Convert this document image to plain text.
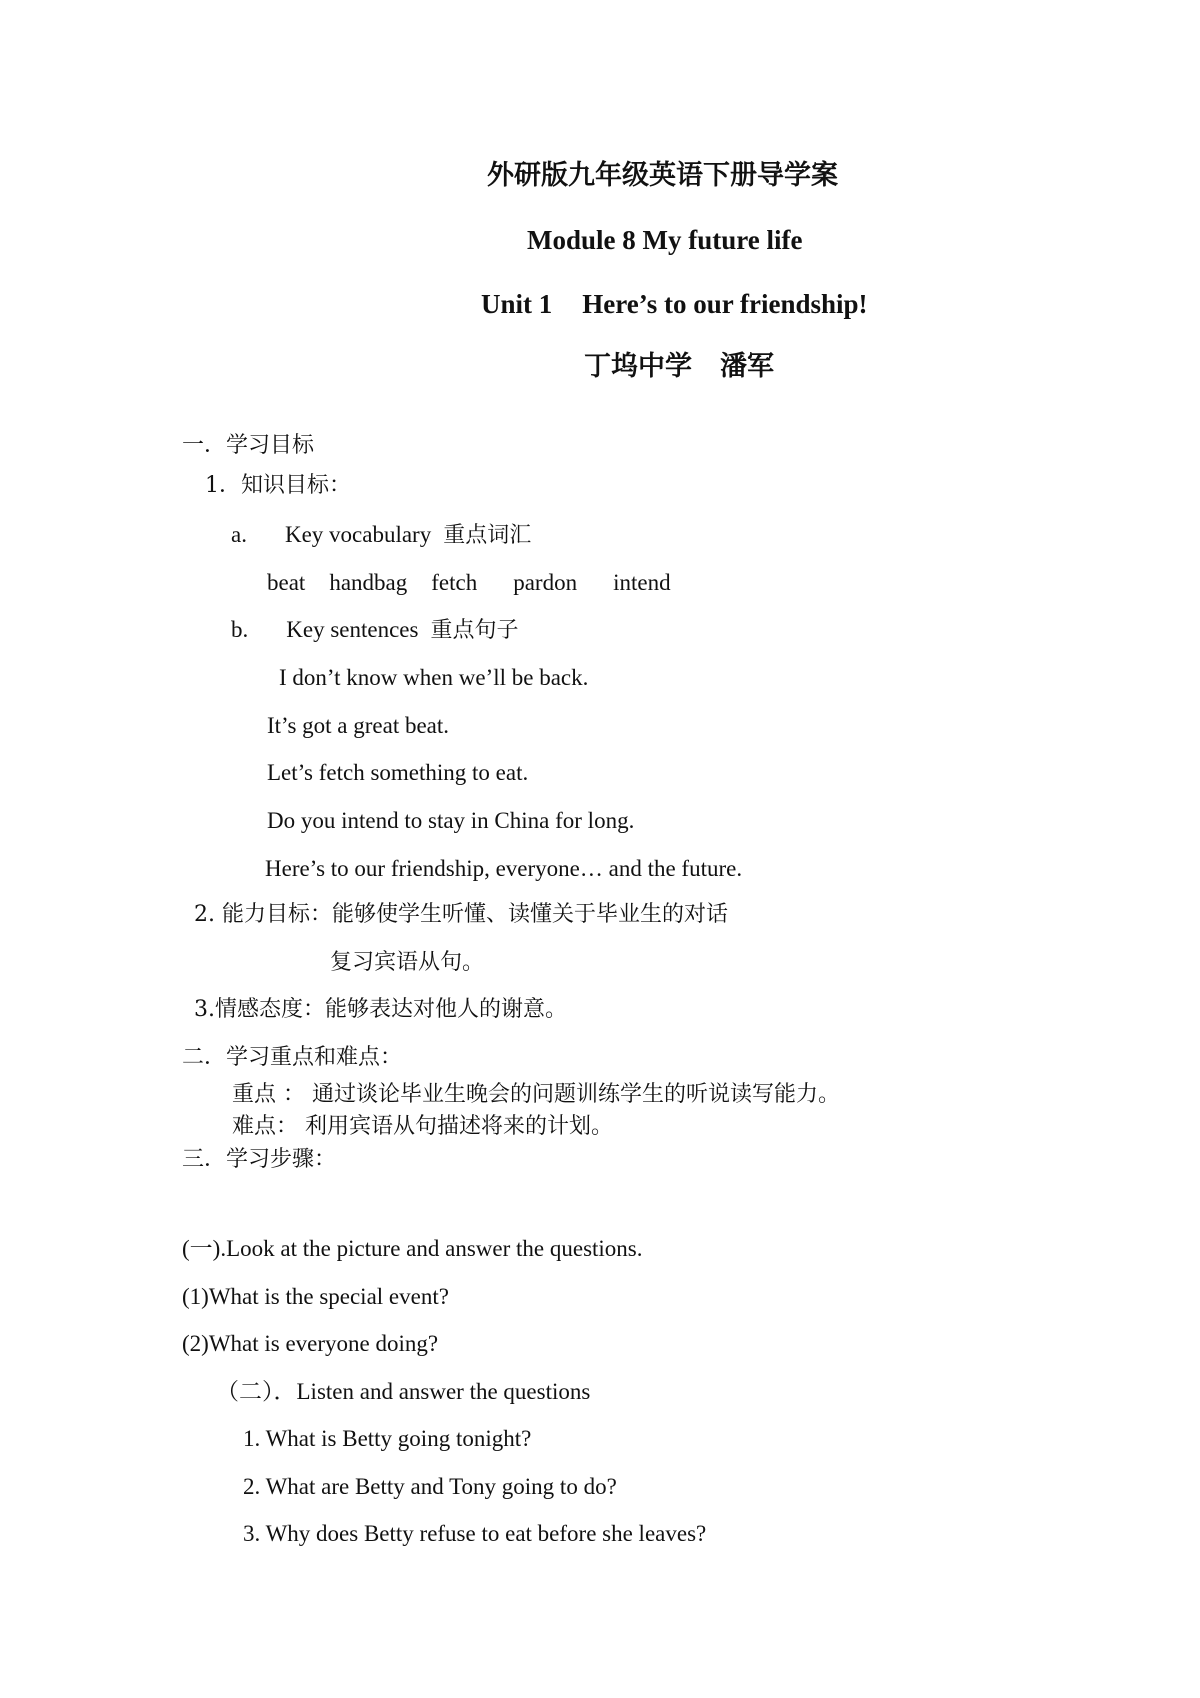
外研版九年级英语下册导学案
Module 8 My future life
Unit 1 Here’s to our friendship!
丁坞中学 潘军
一．学习目标
1．知识目标：
a. Key vocabulary 重点词汇
beat handbag fetch pardon intend
b. Key sentences 重点句子
I don’t know when we’ll be back.
It’s got a great beat.
Let’s fetch something to eat.
Do you intend to stay in China for long.
Here’s to our friendship, everyone… and the future.
2. 能力目标：能够使学生听懂、读懂关于毕业生的对话
复习宾语从句。
3.情感态度：能够表达对他人的谢意。
二．学习重点和难点：
重点 ： 通过谈论毕业生晚会的问题训练学生的听说读写能力。
难点： 利用宾语从句描述将来的计划。
三．学习步骤：
(一).Look at the picture and answer the questions.
(1)What is the special event?
(2)What is everyone doing?
（二）．Listen and answer the questions
1. What is Betty going tonight?
2. What are Betty and Tony going to do?
3. Why does Betty refuse to eat before she leaves?
